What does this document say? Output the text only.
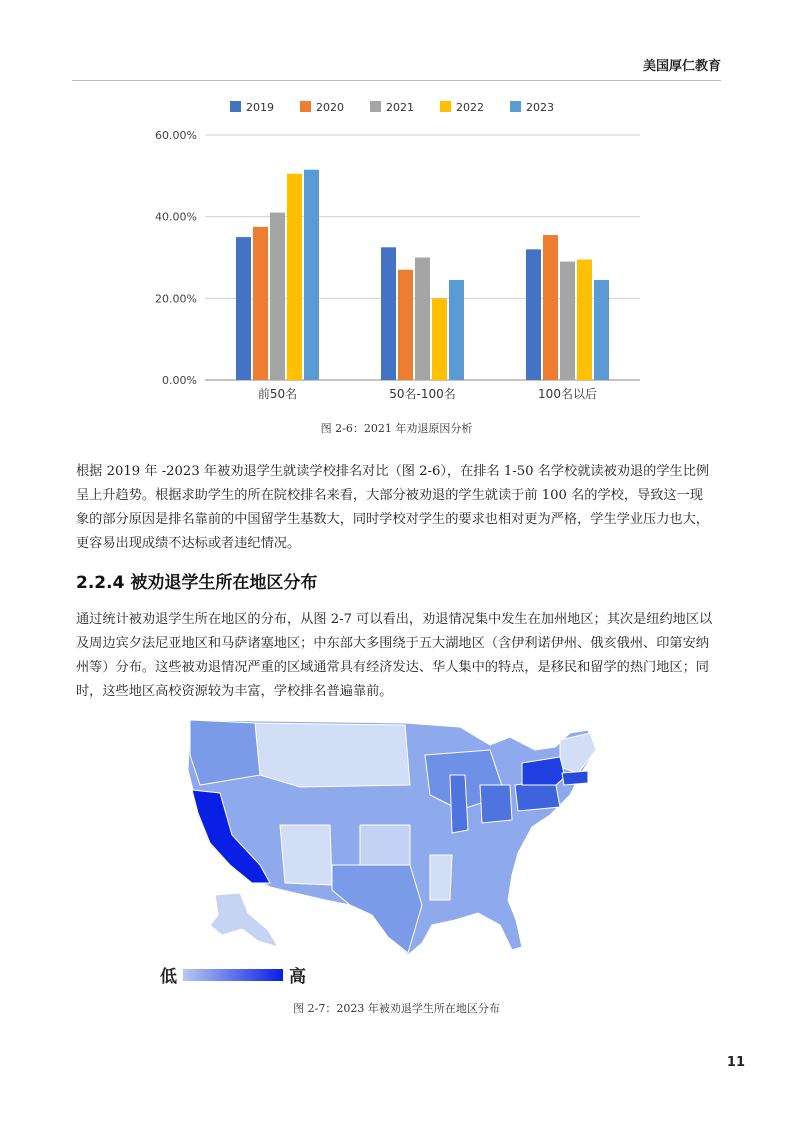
美国厚仁教育
0.00%
20.00%
40.00%
60.00%
前50名	50名-100名	100名以后
2019	2020	2021	2022	2023
图 2-6：2021 年劝退原因分析

根据 2019 年 -2023 年被劝退学生就读学校排名对比（图 2-6），在排名 1-50 名学校就读被劝退的学生比例呈上升趋势。根据求助学生的所在院校排名来看，大部分被劝退的学生就读于前 100 名的学校，导致这一现象的部分原因是排名靠前的中国留学生基数大，同时学校对学生的要求也相对更为严格，学生学业压力也大，更容易出现成绩不达标或者违纪情况。

2.2.4 被劝退学生所在地区分布

通过统计被劝退学生所在地区的分布，从图 2-7 可以看出，劝退情况集中发生在加州地区；其次是纽约地区以及周边宾夕法尼亚地区和马萨诸塞地区；中东部大多围绕于五大湖地区（含伊利诺伊州、俄亥俄州、印第安纳州等）分布。这些被劝退情况严重的区域通常具有经济发达、华人集中的特点，是移民和留学的热门地区；同时，这些地区高校资源较为丰富，学校排名普遍靠前。

低	高
图 2-7：2023 年被劝退学生所在地区分布
11
